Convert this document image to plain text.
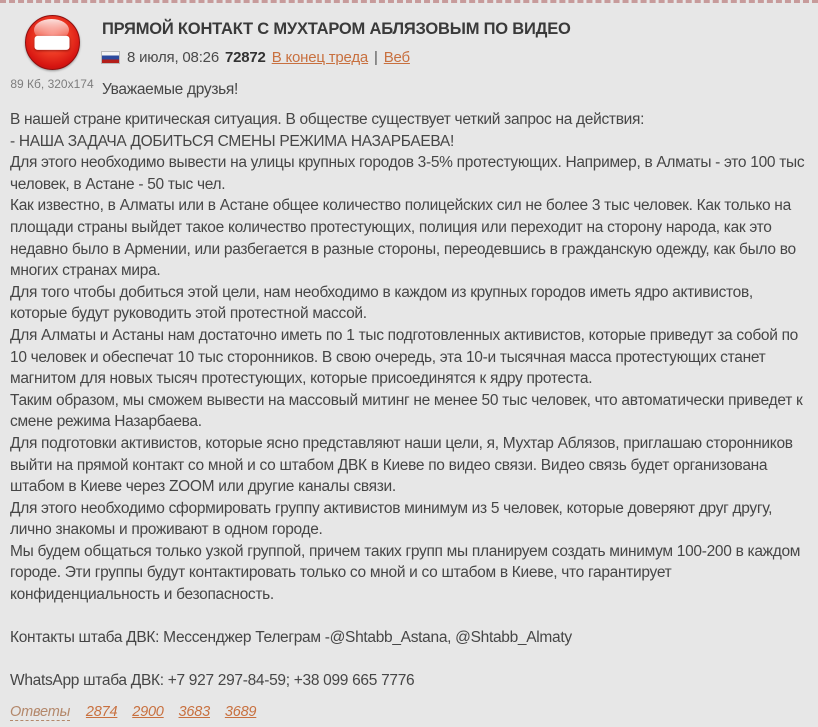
89 Кб, 320x174
ПРЯМОЙ КОНТАКТ С МУХТАРОМ АБЛЯЗОВЫМ ПО ВИДЕО
8 июля, 08:26 72872 В конец треда | Веб
Уважаемые друзья!

В нашей стране критическая ситуация. В обществе существует четкий запрос на действия:

- НАША ЗАДАЧА ДОБИТЬСЯ СМЕНЫ РЕЖИМА НАЗАРБАЕВА!

Для этого необходимо вывести на улицы крупных городов 3-5% протестующих. Например, в Алматы - это 100 тыс человек, в Астане - 50 тыс чел.

Как известно, в Алматы или в Астане общее количество полицейских сил не более 3 тыс человек. Как только на площади страны выйдет такое количество протестующих, полиция или переходит на сторону народа, как это недавно было в Армении, или разбегается в разные стороны, переодевшись в гражданскую одежду, как было во многих странах мира.

Для того чтобы добиться этой цели, нам необходимо в каждом из крупных городов иметь ядро активистов, которые будут руководить этой протестной массой.

Для Алматы и Астаны нам достаточно иметь по 1 тыс подготовленных активистов, которые приведут за собой по 10 человек и обеспечат 10 тыс сторонников. В свою очередь, эта 10-и тысячная масса протестующих станет магнитом для новых тысяч протестующих, которые присоединятся к ядру протеста.

Таким образом, мы сможем вывести на массовый митинг не менее 50 тыс человек, что автоматически приведет к смене режима Назарбаева.

Для подготовки активистов, которые ясно представляют наши цели, я, Мухтар Аблязов, приглашаю сторонников выйти на прямой контакт со мной и со штабом ДВК в Киеве по видео связи. Видео связь будет организована штабом в Киеве через ZOOM или другие каналы связи.

Для этого необходимо сформировать группу активистов минимум из 5 человек, которые доверяют друг другу, лично знакомы и проживают в одном городе.

Мы будем общаться только узкой группой, причем таких групп мы планируем создать минимум 100-200 в каждом городе. Эти группы будут контактировать только со мной и со штабом в Киеве, что гарантирует конфиденциальность и безопасность.

Контакты штаба ДВК: Мессенджер Телеграм -@Shtabb_Astana, @Shtabb_Almaty

WhatsApp штаба ДВК: +7 927 297-84-59; +38 099 665 7776

Ответы 2874 2900 3683 3689
